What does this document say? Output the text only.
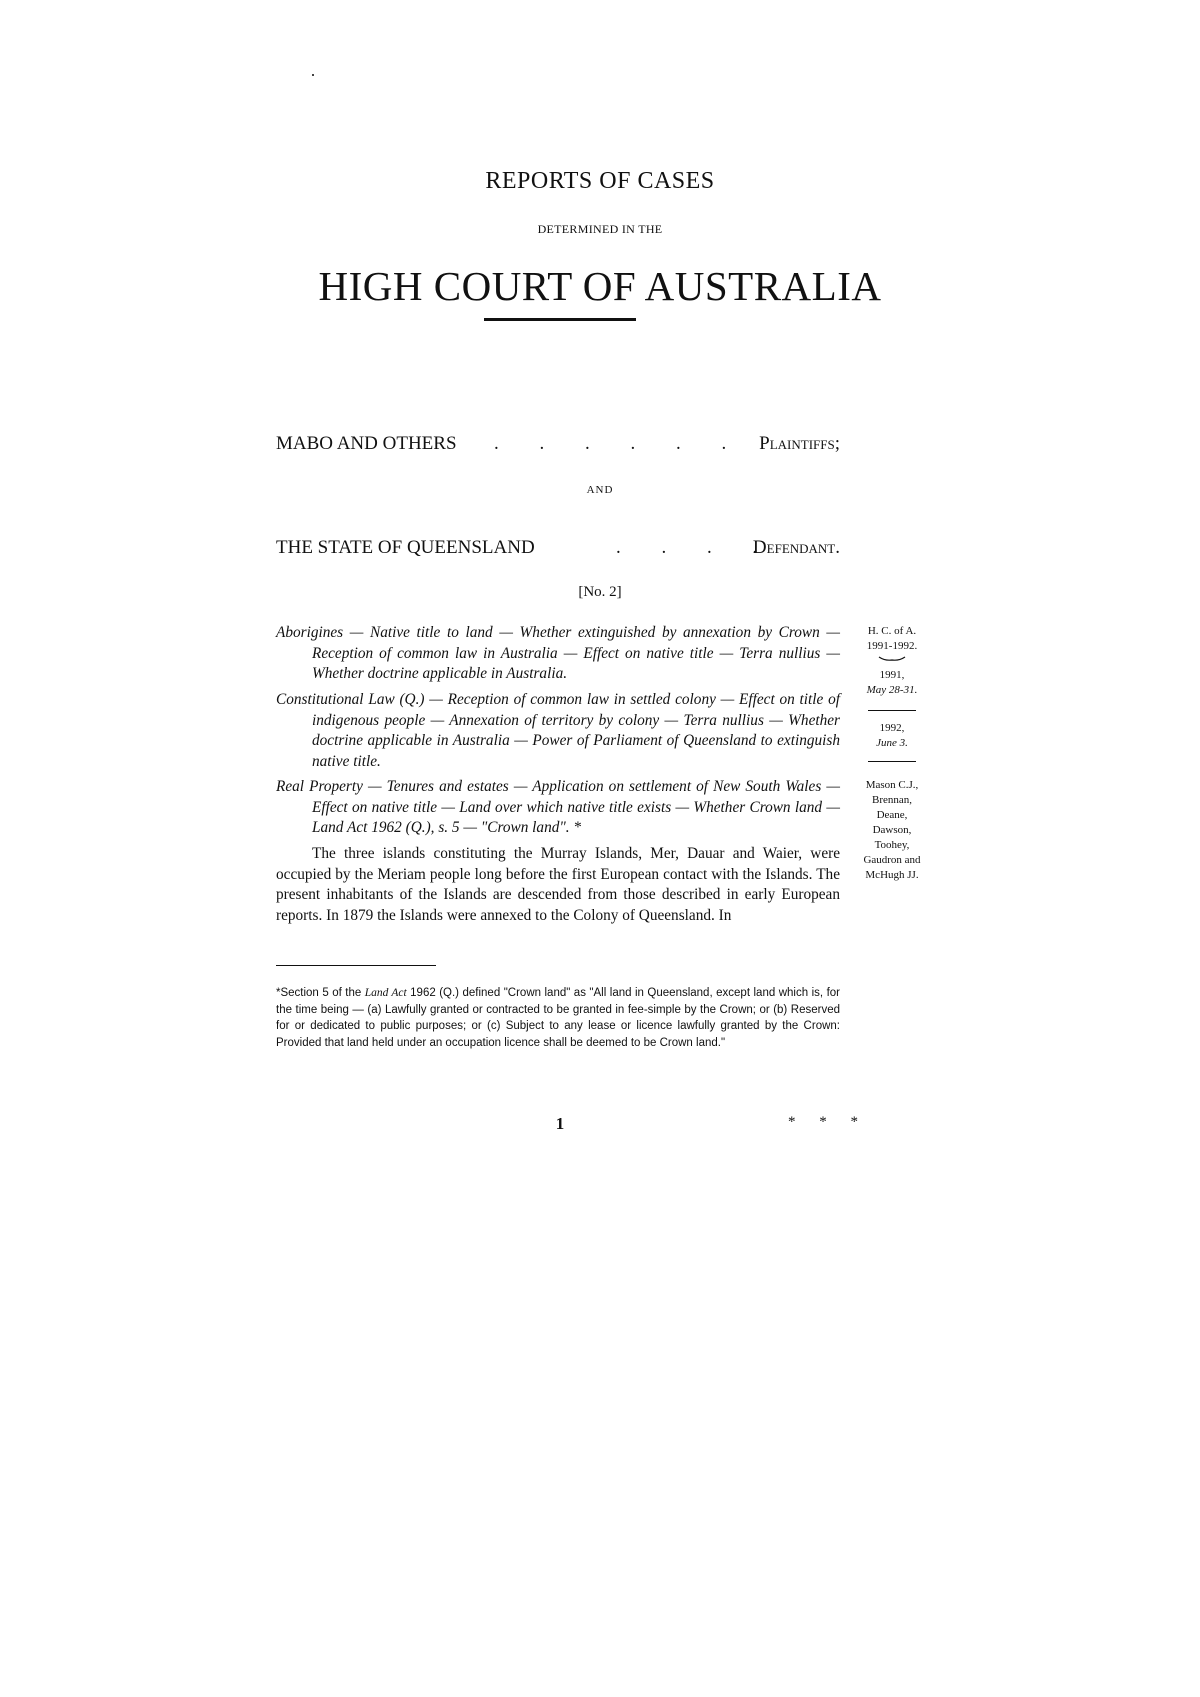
REPORTS OF CASES
DETERMINED IN THE
HIGH COURT OF AUSTRALIA
MABO AND OTHERS . . . . . . Plaintiffs;
AND
THE STATE OF QUEENSLAND	. . . .
Defendant.
[No. 2]
Aborigines — Native title to land — Whether extinguished by annexation by Crown — Reception of common law in Australia — Effect on native title — Terra nullius — Whether doctrine applicable in Australia.
Constitutional Law (Q.) — Reception of common law in settled colony — Effect on title of indigenous people — Annexation of territory by colony — Terra nullius — Whether doctrine applicable in Australia — Power of Parliament of Queensland to extinguish native title.
Real Property — Tenures and estates — Application on settlement of New South Wales — Effect on native title — Land over which native title exists — Whether Crown land — Land Act 1962 (Q.), s. 5 — "Crown land". *
H. C. of A.
1991-1992.
1991,
May 28-31.
1992,
June 3.
Mason C.J.,
Brennan,
Deane,
Dawson,
Toohey,
Gaudron and
McHugh JJ.
The three islands constituting the Murray Islands, Mer, Dauar and Waier, were occupied by the Meriam people long before the first European contact with the Islands. The present inhabitants of the Islands are descended from those described in early European reports. In 1879 the Islands were annexed to the Colony of Queensland. In
*Section 5 of the Land Act 1962 (Q.) defined "Crown land" as "All land in Queensland, except land which is, for the time being — (a) Lawfully granted or contracted to be granted in fee-simple by the Crown; or (b) Reserved for or dedicated to public purposes; or (c) Subject to any lease or licence lawfully granted by the Crown: Provided that land held under an occupation licence shall be deemed to be Crown land."
1	* * *
